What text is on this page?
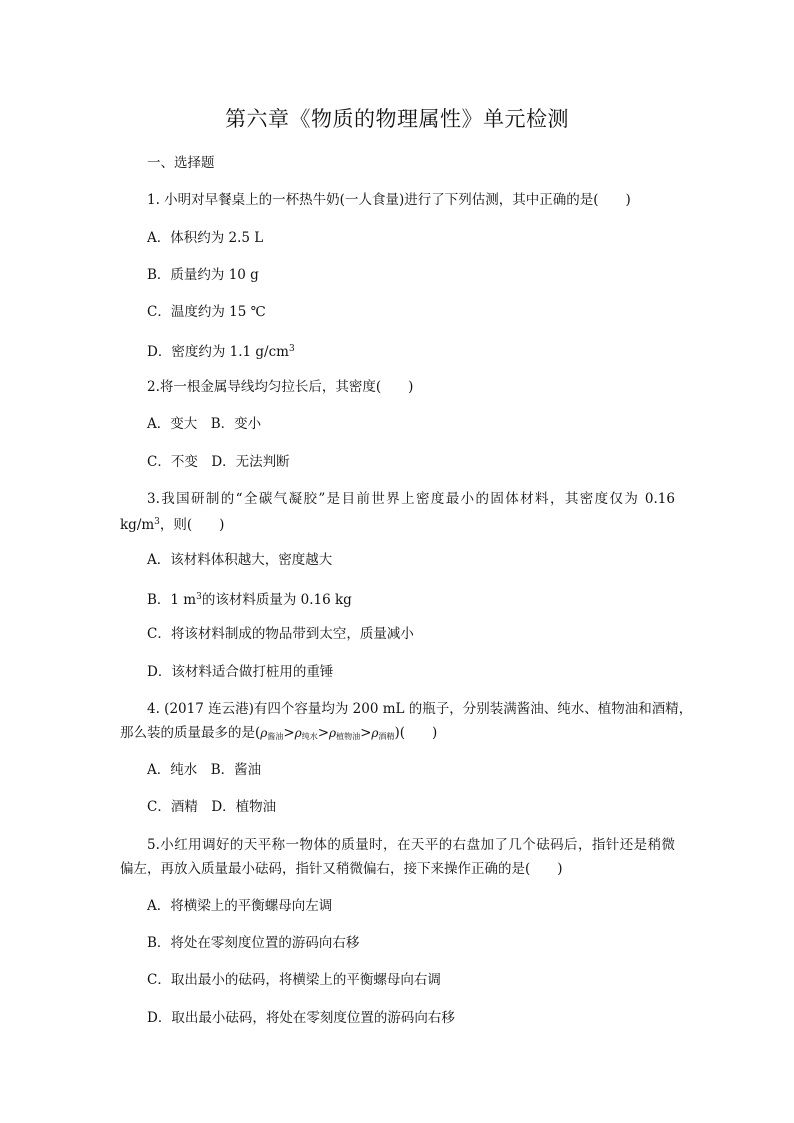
第六章《物质的物理属性》单元检测
一、选择题
1. 小明对早餐桌上的一杯热牛奶(一人食量)进行了下列估测，其中正确的是(　　)
A．体积约为 2.5 L
B．质量约为 10 g
C．温度约为 15 ℃
D．密度约为 1.1 $g/cm^3$
2.将一根金属导线均匀拉长后，其密度(　　)
A．变大　B．变小
C．不变　D．无法判断
3.我国研制的“全碳气凝胶”是目前世界上密度最小的固体材料，其密度仅为 0.16
$kg/m^3$，则(　　)
A．该材料体积越大，密度越大
B．1 $m^3$的该材料质量为 0.16 kg
C．将该材料制成的物品带到太空，质量减小
D．该材料适合做打桩用的重锤
4. (2017 连云港)有四个容量均为 200 mL 的瓶子，分别装满酱油、纯水、植物油和酒精，
那么装的质量最多的是$(\rho_{酱油}>\rho_{纯水}>\rho_{植物油}>\rho_{酒精})$(　　)
A．纯水　B．酱油
C．酒精　D．植物油
5.小红用调好的天平称一物体的质量时，在天平的右盘加了几个砝码后，指针还是稍微
偏左，再放入质量最小砝码，指针又稍微偏右，接下来操作正确的是(　　)
A．将横梁上的平衡螺母向左调
B．将处在零刻度位置的游码向右移
C．取出最小的砝码，将横梁上的平衡螺母向右调
D．取出最小砝码，将处在零刻度位置的游码向右移
